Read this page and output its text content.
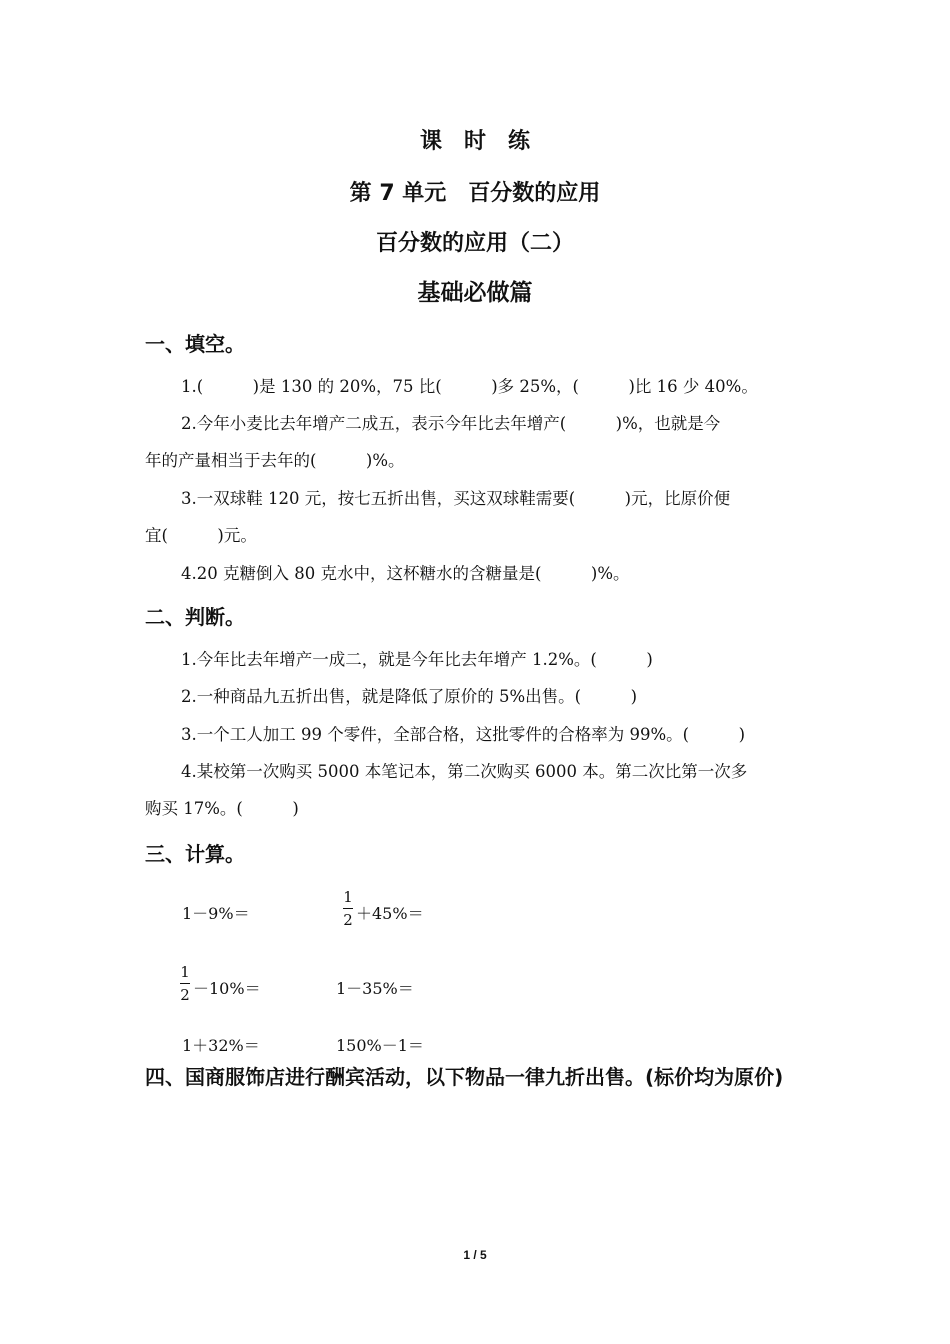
课时练
第 7 单元　百分数的应用
百分数的应用（二）
基础必做篇
一、填空。
1.(　　　)是 130 的 20%，75 比(　　　)多 25%，(　　　)比 16 少 40%。
2.今年小麦比去年增产二成五，表示今年比去年增产(　　　)%，也就是今
年的产量相当于去年的(　　　)%。
3.一双球鞋 120 元，按七五折出售，买这双球鞋需要(　　　)元，比原价便
宜(　　　)元。
4.20 克糖倒入 80 克水中，这杯糖水的含糖量是(　　　)%。
二、判断。
1.今年比去年增产一成二，就是今年比去年增产 1.2%。(　　　)
2.一种商品九五折出售，就是降低了原价的 5%出售。(　　　)
3.一个工人加工 99 个零件，全部合格，这批零件的合格率为 99%。(　　　)
4.某校第一次购买 5000 本笔记本，第二次购买 6000 本。第二次比第一次多
购买 17%。(　　　)
三、计算。
1－9%＝
1
2 ＋45%＝
1
2 －10%＝	1－35%＝
1＋32%＝	150%－1＝
四、国商服饰店进行酬宾活动，以下物品一律九折出售。(标价均为原价)
1 / 5
